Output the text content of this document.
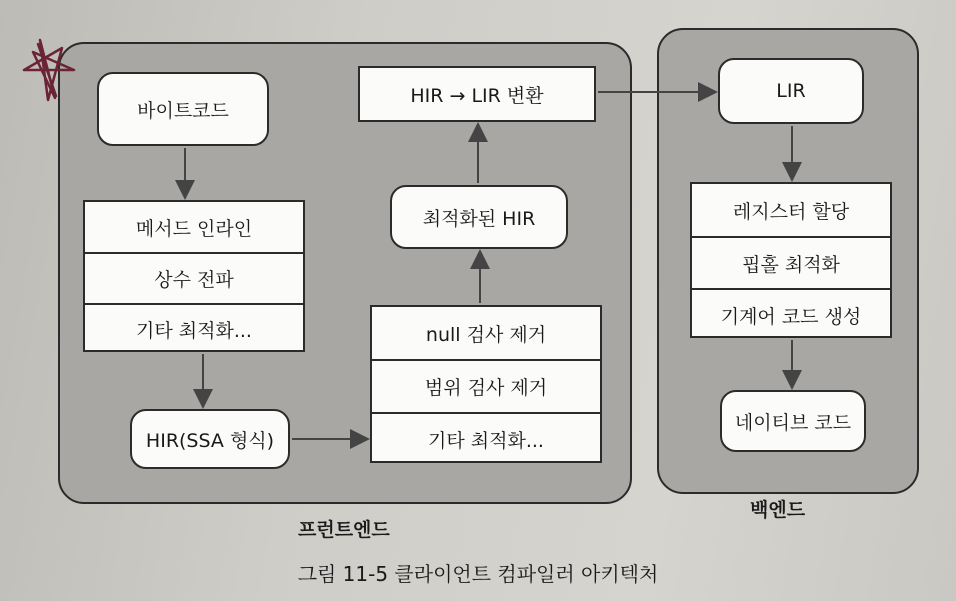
바이트코드
메서드 인라인
상수 전파
기타 최적화...
HIR(SSA 형식)
null 검사 제거
범위 검사 제거
기타 최적화...
최적화된 HIR
HIR → LIR 변환	LIR
레지스터 할당
핍홀 최적화
기계어 코드 생성
네이티브 코드
프런트엔드
백엔드
그림 11-5 클라이언트 컴파일러 아키텍처
